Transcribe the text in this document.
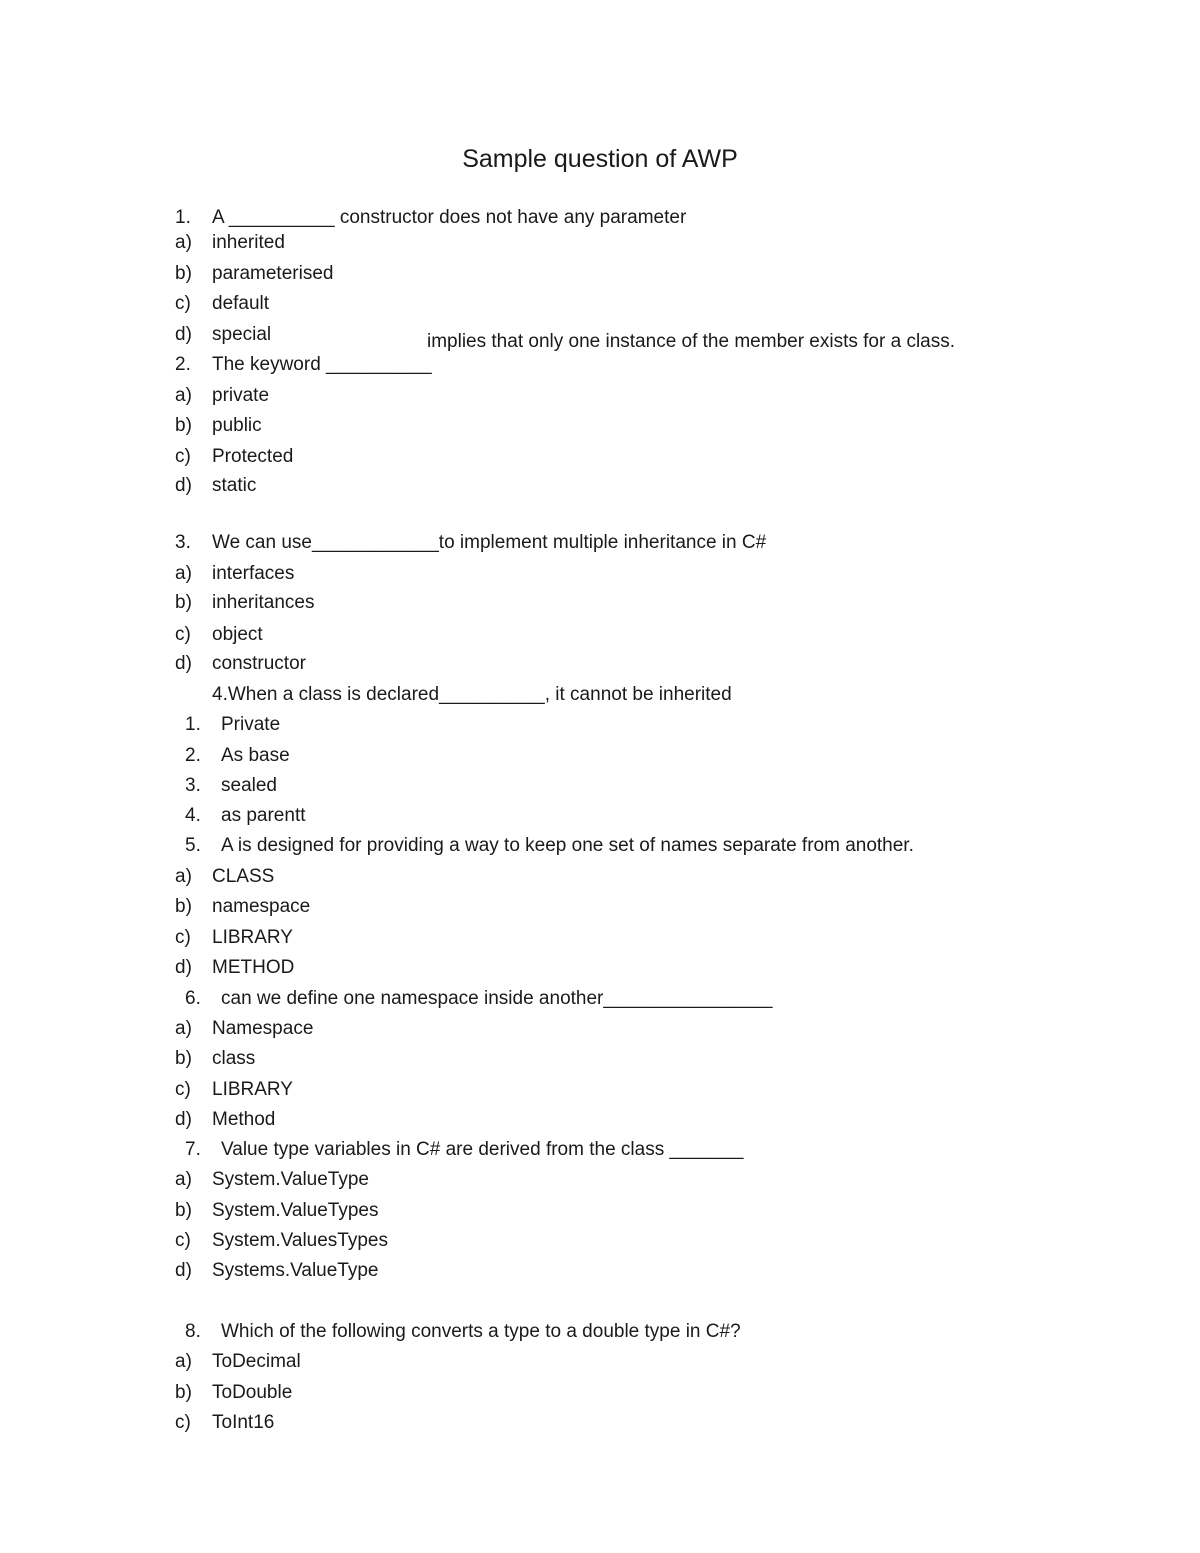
Sample question of AWP
implies that only one instance of the member exists for a class.
1. A __________ constructor does not have any parameter
a) inherited
b) parameterised
c) default
d) special
2. The keyword __________
a) private
b) public
c) Protected
d) static
3. We can use____________to implement multiple inheritance in C#
a) interfaces
b) inheritances
c) object
d) constructor
4.When a class is declared__________, it cannot be inherited
1. Private
2. As base
3. sealed
4. as parentt
5. A is designed for providing a way to keep one set of names separate from another.
a) CLASS
b) namespace
c) LIBRARY
d) METHOD
6. can we define one namespace inside another________________
a) Namespace
b) class
c) LIBRARY
d) Method
7. Value type variables in C# are derived from the class _______
a) System.ValueType
b) System.ValueTypes
c) System.ValuesTypes
d) Systems.ValueType
8. Which of the following converts a type to a double type in C#?
a) ToDecimal
b) ToDouble
c) ToInt16
